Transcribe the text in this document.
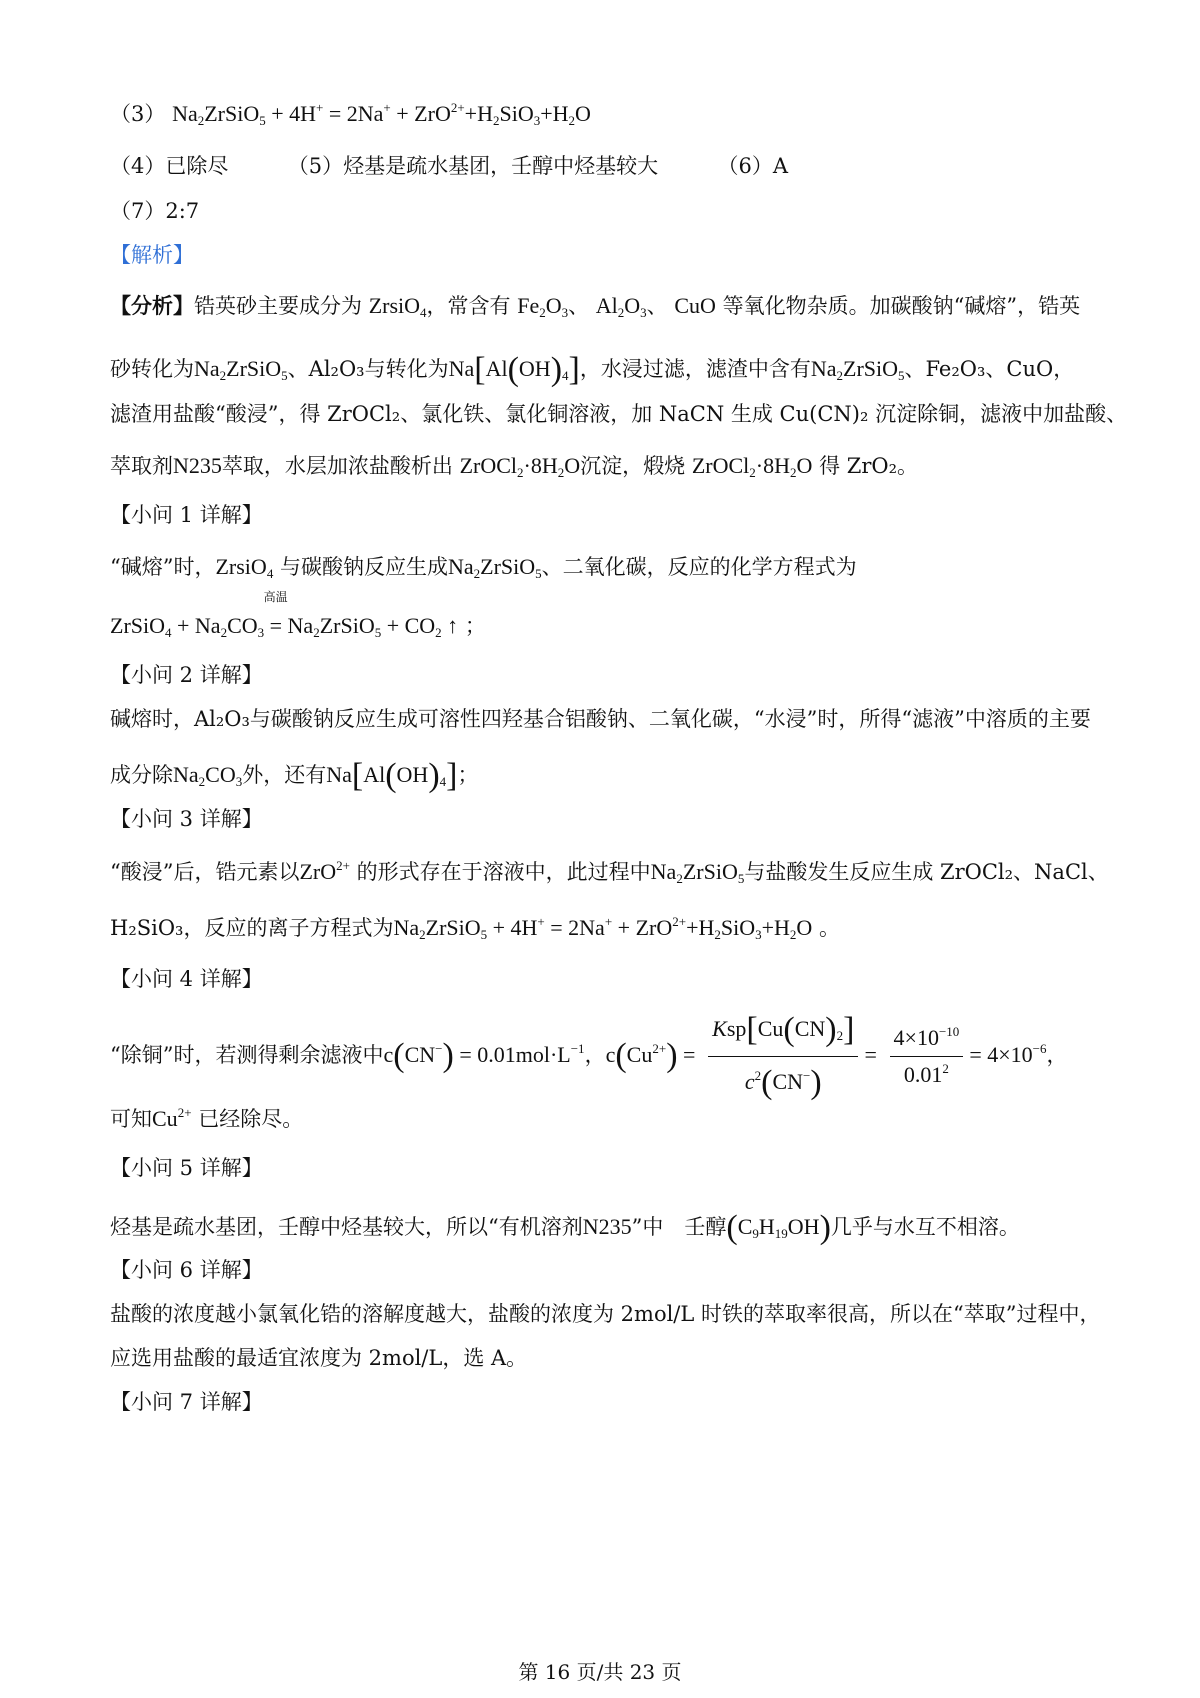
（3） $Na_2ZrSiO_5 + 4H^+ = 2Na^+ + ZrO^{2+}+H_2SiO_3+H_2O$
（4）已除尽	（5）烃基是疏水基团，壬醇中烃基较大	（6）A
（7）2:7
【解析】
【分析】锆英砂主要成分为 ZrsiO$_4$，常含有 $Fe_2O_3$、 $Al_2O_3$、 CuO 等氧化物杂质。加碳酸钠“碱熔”，锆英
砂转化为$Na_2ZrSiO_5$、Al₂O₃与转化为$Na[Al(OH)_4]$，水浸过滤，滤渣中含有$Na_2ZrSiO_5$、Fe₂O₃、CuO，
滤渣用盐酸“酸浸”，得 ZrOCl₂、氯化铁、氯化铜溶液，加 NaCN 生成 Cu(CN)₂ 沉淀除铜，滤液中加盐酸、
萃取剂N235萃取，水层加浓盐酸析出 $ZrOCl_2\cdot 8H_2O$沉淀，煅烧 $ZrOCl_2\cdot 8H_2O$ 得 ZrO₂。
【小问 1 详解】
“碱熔”时，ZrsiO$_4$ 与碳酸钠反应生成$Na_2ZrSiO_5$、二氧化碳，反应的化学方程式为
ZrSiO$_4$ + $Na_2CO_3$
高温
= $Na_2ZrSiO_5 + CO_2$ ↑ ；
【小问 2 详解】
碱熔时，Al₂O₃与碳酸钠反应生成可溶性四羟基合铝酸钠、二氧化碳，“水浸”时，所得“滤液”中溶质的主要
成分除$Na_2CO_3$外，还有$Na[Al(OH)_4]$；
【小问 3 详解】
“酸浸”后，锆元素以ZrO$^{2+}$ 的形式存在于溶液中，此过程中$Na_2ZrSiO_5$与盐酸发生反应生成 ZrOCl₂、NaCl、
H₂SiO₃，反应的离子方程式为$Na_2ZrSiO_5 + 4H^+ = 2Na^+ + ZrO^{2+}+H_2SiO_3+H_2O$ 。
【小问 4 详解】
“除铜”时，若测得剩余滤液中$c(CN^-) = 0.01mol\cdot L^{-1}$，$c(Cu^{2+}) = \frac{Ksp[Cu(CN)_2]}{c^2(CN^-)} = \frac{4\times 10^{-10}}{0.01^2} = 4\times 10^{-6}$，
可知$Cu^{2+}$ 已经除尽。
【小问 5 详解】
烃基是疏水基团，壬醇中烃基较大，所以“有机溶剂N235”中　壬醇$(C_9H_{19}OH)$几乎与水互不相溶。
【小问 6 详解】
盐酸的浓度越小氯氧化锆的溶解度越大，盐酸的浓度为 2mol/L 时铁的萃取率很高，所以在“萃取”过程中，
应选用盐酸的最适宜浓度为 2mol/L，选 A。
【小问 7 详解】
第 16 页/共 23 页
